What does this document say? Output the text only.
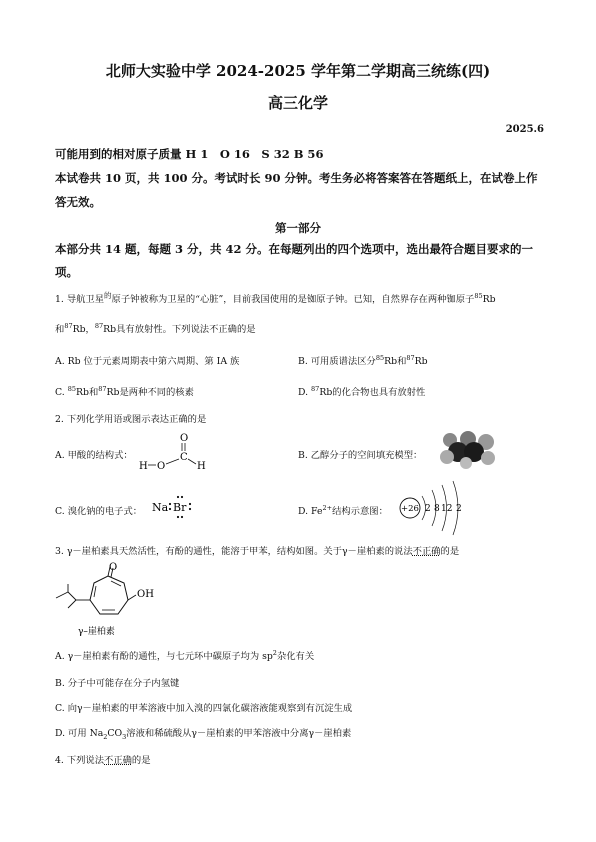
北师大实验中学 2024-2025 学年第二学期高三统练(四)
高三化学
2025.6
可能用到的相对原子质量 H 1　O 16　S 32 B 56
本试卷共 10 页，共 100 分。考试时长 90 分钟。考生务必将答案答在答题纸上，在试卷上作
答无效。
第一部分
本部分共 14 题，每题 3 分，共 42 分。在每题列出的四个选项中，选出最符合题目要求的一
项。
1. 导航卫星$^的$原子钟被称为卫星的“心脏”，目前我国使用的是铷原子钟。已知，自然界存在两种铷原子$^{85}$Rb
和$^{87}$Rb，$^{87}$Rb具有放射性。下列说法不正确的是
A. Rb 位于元素周期表中第六周期、第 IA 族	B. 可用质谱法区分$^{85}$Rb和$^{87}$Rb
C. $^{85}$Rb和$^{87}$Rb是两种不同的核素	D. $^{87}$Rb的化合物也具有放射性
2. 下列化学用语或图示表达正确的是
A. 甲酸的结构式：
O
C
H
O
H
B. 乙醇分子的空间填充模型：
C. 溴化钠的电子式： Na Br	D. $Fe^{2+}$结构示意图： +26 2 8 12 2
3. γ－崖柏素具天然活性，有酚的通性，能溶于甲苯，结构如图。关于γ－崖柏素的说法不正确的是
O
OH
γ–崖柏素
A. γ－崖柏素有酚的通性，与七元环中碳原子均为 $sp^2$杂化有关
B. 分子中可能存在分子内氢键
C. 向γ－崖柏素的甲苯溶液中加入溴的四氯化碳溶液能观察到有沉淀生成
D. 可用 $Na_2CO_3$溶液和稀硫酸从γ－崖柏素的甲苯溶液中分离γ－崖柏素
4. 下列说法不正确的是
